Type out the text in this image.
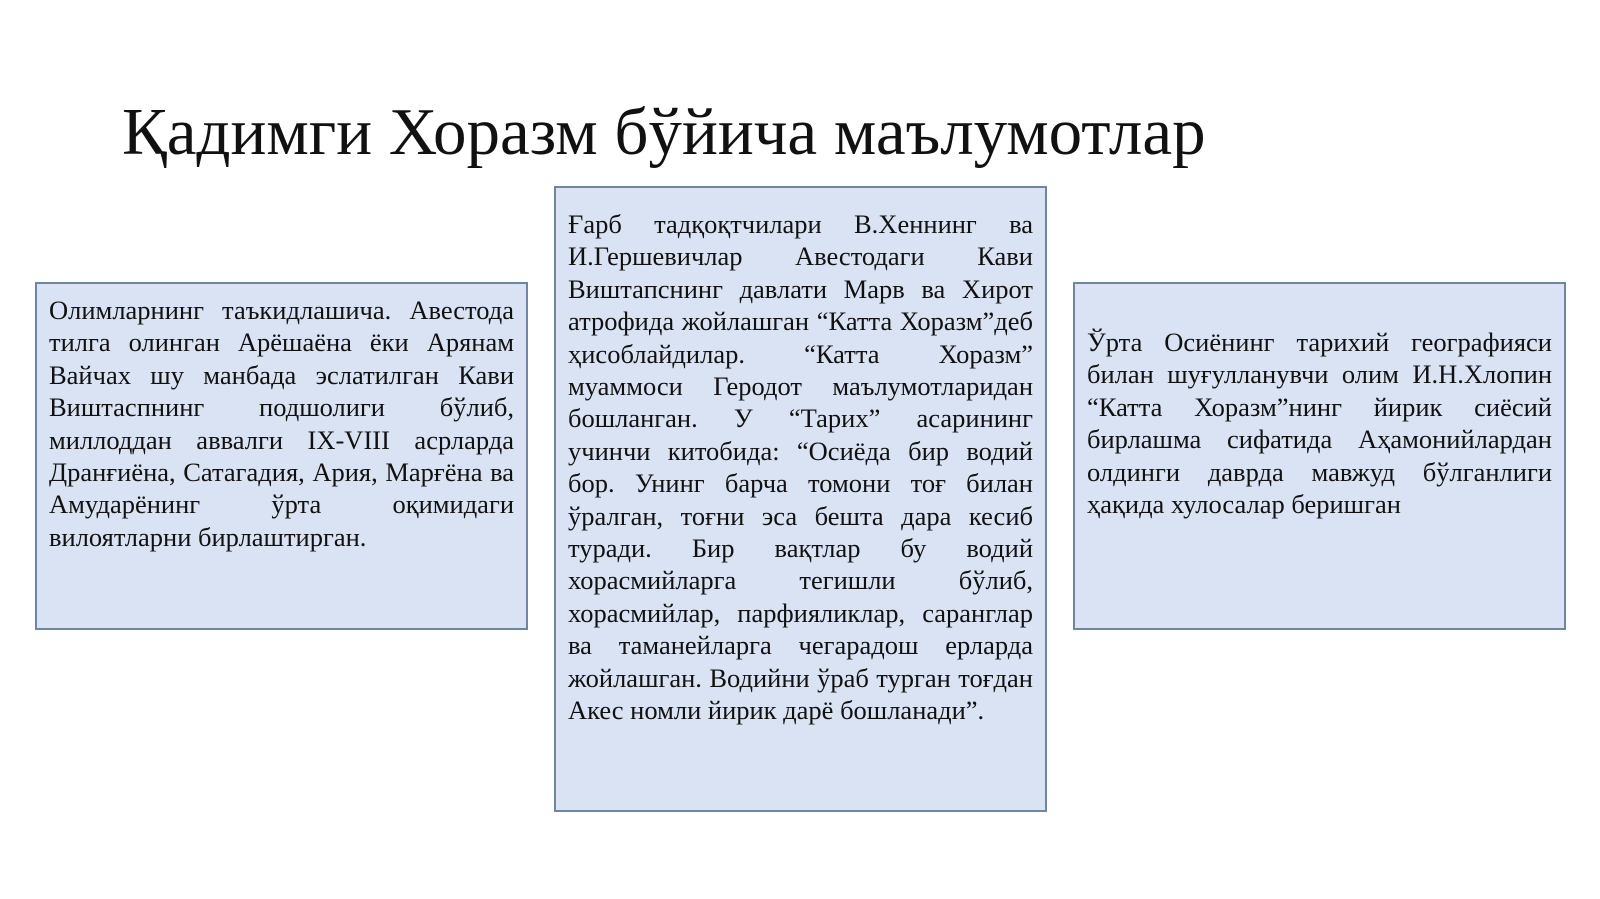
Қадимги Хоразм бўйича маълумотлар

Олимларнинг таъкидлашича. Авестода тилга олинган Арёшаёна ёки Арянам Вайчах шу манбада эслатилган Кави Виштаспнинг подшолиги бўлиб, миллоддан аввалги IX-VIII асрларда Дранғиёна, Сатагадия, Ария, Марғёна ва Амударёнинг ўрта оқимидаги вилоятларни бирлаштирган.

Ғарб тадқоқтчилари В.Хеннинг ва И.Гершевичлар Авестодаги Кави Виштапснинг давлати Марв ва Хирот атрофида жойлашган “Катта Хоразм”деб ҳисоблайдилар. “Катта Хоразм” муаммоси Геродот маълумотларидан бошланган. У “Тарих” асарининг учинчи китобида: “Осиёда бир водий бор. Унинг барча томони тоғ билан ўралган, тоғни эса бешта дара кесиб туради. Бир вақтлар бу водий хорасмийларга тегишли бўлиб, хорасмийлар, парфияликлар, саранглар ва таманейларга чегарадош ерларда жойлашган. Водийни ўраб турган тоғдан Акес номли йирик дарё бошланади”.

Ўрта Осиёнинг тарихий географияси билан шуғулланувчи олим И.Н.Хлопин “Катта Хоразм”нинг йирик сиёсий бирлашма сифатида Аҳамонийлардан олдинги даврда мавжуд бўлганлиги ҳақида хулосалар беришган
